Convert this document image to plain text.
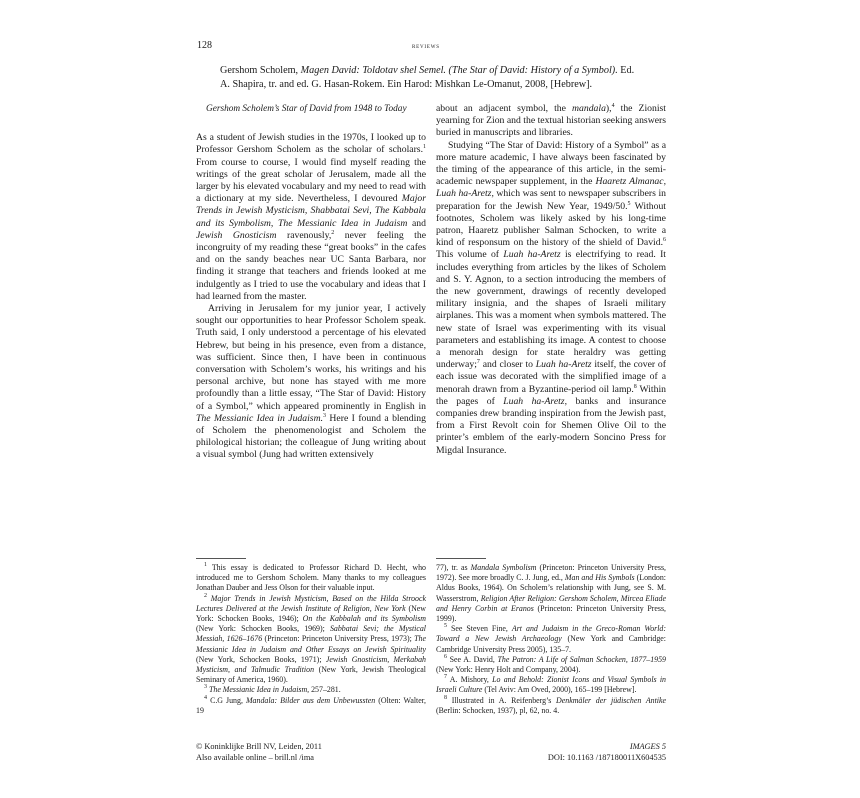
128	reviews

Gershom Scholem, Magen David: Toldotav shel Semel. (The Star of David: History of a Symbol). Ed.

A. Shapira, tr. and ed. G. Hasan-Rokem. Ein Harod: Mishkan Le-Omanut, 2008, [Hebrew].

Gershom Scholem’s Star of David from 1948 to Today

As a student of Jewish studies in the 1970s, I looked up to Professor Gershom Scholem as the scholar of scholars.$^1$ From course to course, I would find myself reading the writings of the great scholar of Jerusalem, made all the larger by his elevated vocabulary and my need to read with a dictionary at my side. Nevertheless, I devoured Major Trends in Jewish Mysticism, Shabbatai Sevi, The Kabbala and its Symbolism, The Messianic Idea in Judaism and Jewish Gnosticism ravenously,$^2$ never feeling the incongruity of my reading these “great books” in the cafes and on the sandy beaches near UC Santa Barbara, nor finding it strange that teachers and friends looked at me indulgently as I tried to use the vocabulary and ideas that I had learned from the master.

Arriving in Jerusalem for my junior year, I actively sought our opportunities to hear Professor Scholem speak. Truth said, I only understood a percentage of his elevated Hebrew, but being in his presence, even from a distance, was sufficient. Since then, I have been in continuous conversation with Scholem’s works, his writings and his personal archive, but none has stayed with me more profoundly than a little essay, “The Star of David: History of a Symbol,” which appeared prominently in English in The Messianic Idea in Judaism.$^3$ Here I found a blending of Scholem the phenomenologist and Scholem the philological historian; the colleague of Jung writing about a visual symbol (Jung had written extensively

about an adjacent symbol, the mandala),$^4$ the Zionist yearning for Zion and the textual historian seeking answers buried in manuscripts and libraries.

Studying “The Star of David: History of a Symbol” as a more mature academic, I have always been fascinated by the timing of the appearance of this article, in the semi-academic newspaper supplement, in the Haaretz Almanac, Luah ha-Aretz, which was sent to newspaper subscribers in preparation for the Jewish New Year, 1949/50.$^5$ Without footnotes, Scholem was likely asked by his long-time patron, Haaretz publisher Salman Schocken, to write a kind of responsum on the history of the shield of David.$^6$ This volume of Luah ha-Aretz is electrifying to read. It includes everything from articles by the likes of Scholem and S. Y. Agnon, to a section introducing the members of the new government, drawings of recently developed military insignia, and the shapes of Israeli military airplanes. This was a moment when symbols mattered. The new state of Israel was experimenting with its visual parameters and establishing its image. A contest to choose a menorah design for state heraldry was getting underway;$^7$ and closer to Luah ha-Aretz itself, the cover of each issue was decorated with the simplified image of a menorah drawn from a Byzantine-period oil lamp.$^8$ Within the pages of Luah ha-Aretz, banks and insurance companies drew branding inspiration from the Jewish past, from a First Revolt coin for Shemen Olive Oil to the printer’s emblem of the early-modern Soncino Press for Migdal Insurance.

$^1$ This essay is dedicated to Professor Richard D. Hecht, who introduced me to Gershom Scholem. Many thanks to my colleagues Jonathan Dauber and Jess Olson for their valuable input.

$^2$ Major Trends in Jewish Mysticism, Based on the Hilda Stroock Lectures Delivered at the Jewish Institute of Religion, New York (New York: Schocken Books, 1946); On the Kabbalah and its Symbolism (New York: Schocken Books, 1969); Sabbatai Sevi; the Mystical Messiah, 1626–1676 (Princeton: Princeton University Press, 1973); The Messianic Idea in Judaism and Other Essays on Jewish Spirituality (New York, Schocken Books, 1971); Jewish Gnosticism, Merkabah Mysticism, and Talmudic Tradition (New York, Jewish Theological Seminary of America, 1960).

$^3$ The Messianic Idea in Judaism, 257–281.

$^4$ C.G Jung, Mandala: Bilder aus dem Unbewussten (Olten: Walter, 19

77), tr. as Mandala Symbolism (Princeton: Princeton University Press, 1972). See more broadly C. J. Jung, ed., Man and His Symbols (London: Aldus Books, 1964). On Scholem’s relationship with Jung, see S. M. Wasserstrom, Religion After Religion: Gershom Scholem, Mircea Eliade and Henry Corbin at Eranos (Princeton: Princeton University Press, 1999).

$^5$ See Steven Fine, Art and Judaism in the Greco-Roman World: Toward a New Jewish Archaeology (New York and Cambridge: Cambridge University Press 2005), 135–7.

$^6$ See A. David, The Patron: A Life of Salman Schocken, 1877–1959 (New York: Henry Holt and Company, 2004).

$^7$ A. Mishory, Lo and Behold: Zionist Icons and Visual Symbols in Israeli Culture (Tel Aviv: Am Oved, 2000), 165–199 [Hebrew].

$^8$ Illustrated in A. Reifenberg’s Denkmäler der jüdischen Antike (Berlin: Schocken, 1937), pl, 62, no. 4.

© Koninklijke Brill NV, Leiden, 2011
Also available online – brill.nl /ima
IMAGES 5
DOI: 10.1163 /187180011X604535
